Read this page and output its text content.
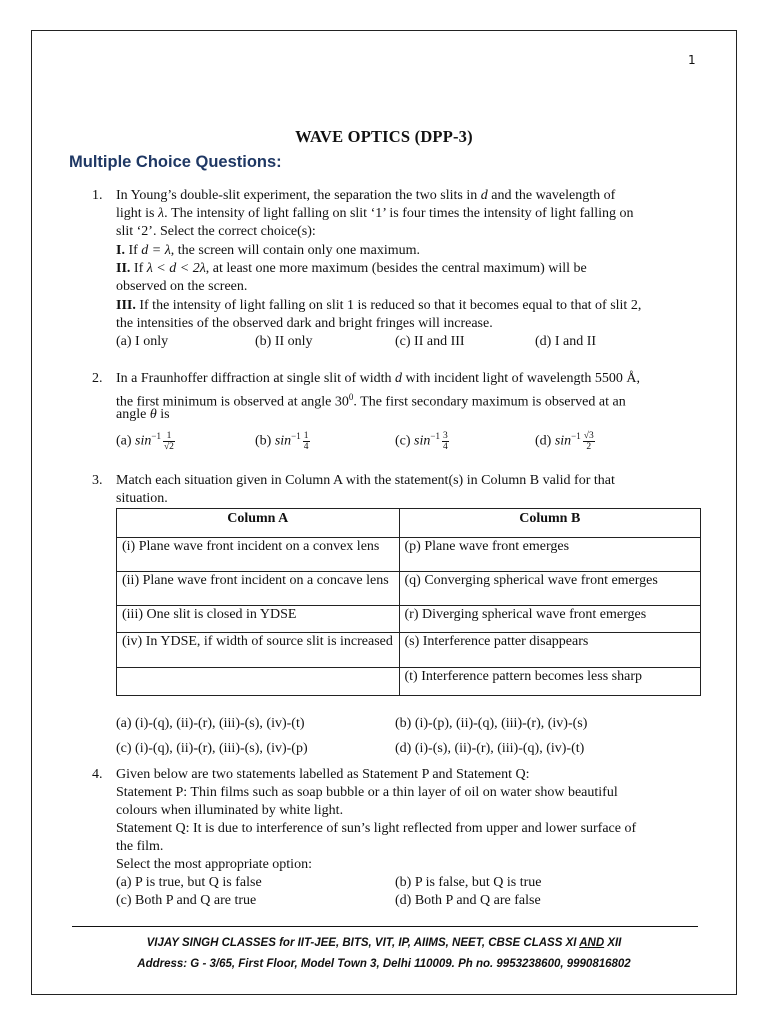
1
WAVE OPTICS (DPP-3)
Multiple Choice Questions:
1. In Young’s double-slit experiment, the separation the two slits in d and the wavelength of
light is λ. The intensity of light falling on slit ‘1’ is four times the intensity of light falling on
slit ‘2’. Select the correct choice(s):
I. If d = λ, the screen will contain only one maximum.
II. If λ < d < 2λ, at least one more maximum (besides the central maximum) will be
observed on the screen.
III. If the intensity of light falling on slit 1 is reduced so that it becomes equal to that of slit 2,
the intensities of the observed dark and bright fringes will increase.
(a) I only	(b) II only	(c) II and III	(d) I and II
2. In a Fraunhoffer diffraction at single slit of width d with incident light of wavelength 5500 Å,
the first minimum is observed at angle $30^0$. The first secondary maximum is observed at an
angle θ is
(a) $\sin^{-1} \frac{1}{√2}$	(b) $\sin^{-1} \frac{1}{4}$	(c) $\sin^{-1} \frac{3}{4}$	(d) $\sin^{-1} \frac{√3}{2}$
3. Match each situation given in Column A with the statement(s) in Column B valid for that
situation.
Column A	Column B
(i) Plane wave front incident on a convex lens	(p) Plane wave front emerges
(ii) Plane wave front incident on a concave lens	(q) Converging spherical wave front emerges
(iii) One slit is closed in YDSE	(r) Diverging spherical wave front emerges
(iv) In YDSE, if width of source slit is increased	(s) Interference patter disappears
	(t) Interference pattern becomes less sharp
(a) (i)-(q), (ii)-(r), (iii)-(s), (iv)-(t)	(b) (i)-(p), (ii)-(q), (iii)-(r), (iv)-(s)
(c) (i)-(q), (ii)-(r), (iii)-(s), (iv)-(p)	(d) (i)-(s), (ii)-(r), (iii)-(q), (iv)-(t)
4. Given below are two statements labelled as Statement P and Statement Q:
Statement P: Thin films such as soap bubble or a thin layer of oil on water show beautiful
colours when illuminated by white light.
Statement Q: It is due to interference of sun’s light reflected from upper and lower surface of
the film.
Select the most appropriate option:
(a) P is true, but Q is false	(b) P is false, but Q is true
(c) Both P and Q are true	(d) Both P and Q are false
VIJAY SINGH CLASSES for IIT-JEE, BITS, VIT, IP, AIIMS, NEET, CBSE CLASS XI AND XII
Address: G - 3/65, First Floor, Model Town 3, Delhi 110009. Ph no. 9953238600, 9990816802
